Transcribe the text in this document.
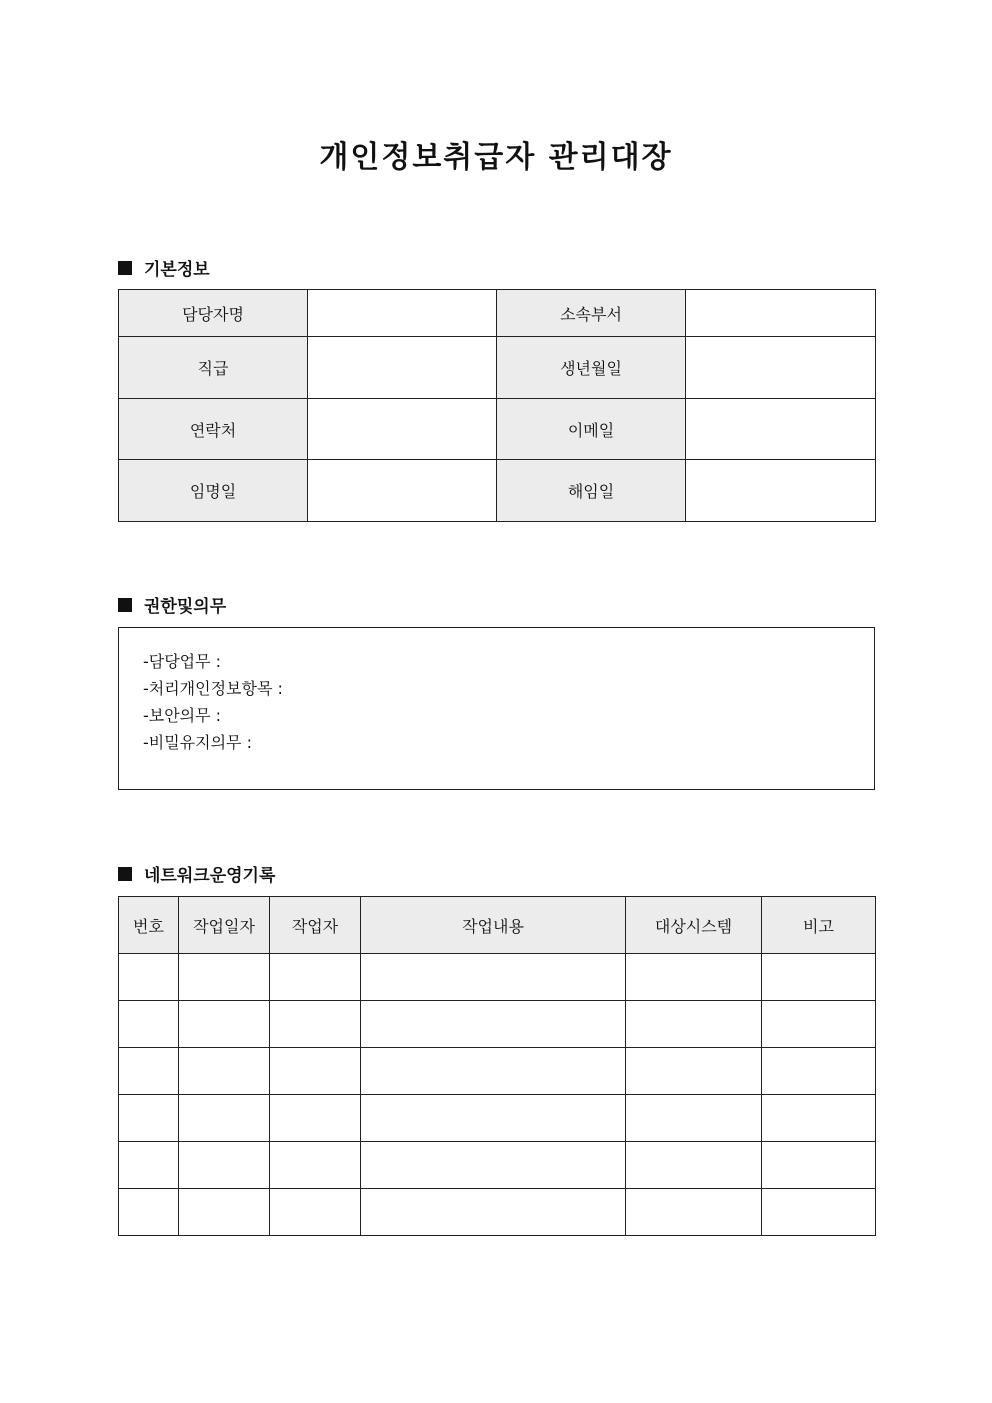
개인정보취급자 관리대장
기본정보
담당자명		소속부서	
직급		생년월일	
연락처		이메일	
임명일		해임일	
권한및의무
-담당업무 :
-처리개인정보항목 :
-보안의무 :
-비밀유지의무 :
네트워크운영기록
번호	작업일자	작업자	작업내용	대상시스템	비고
